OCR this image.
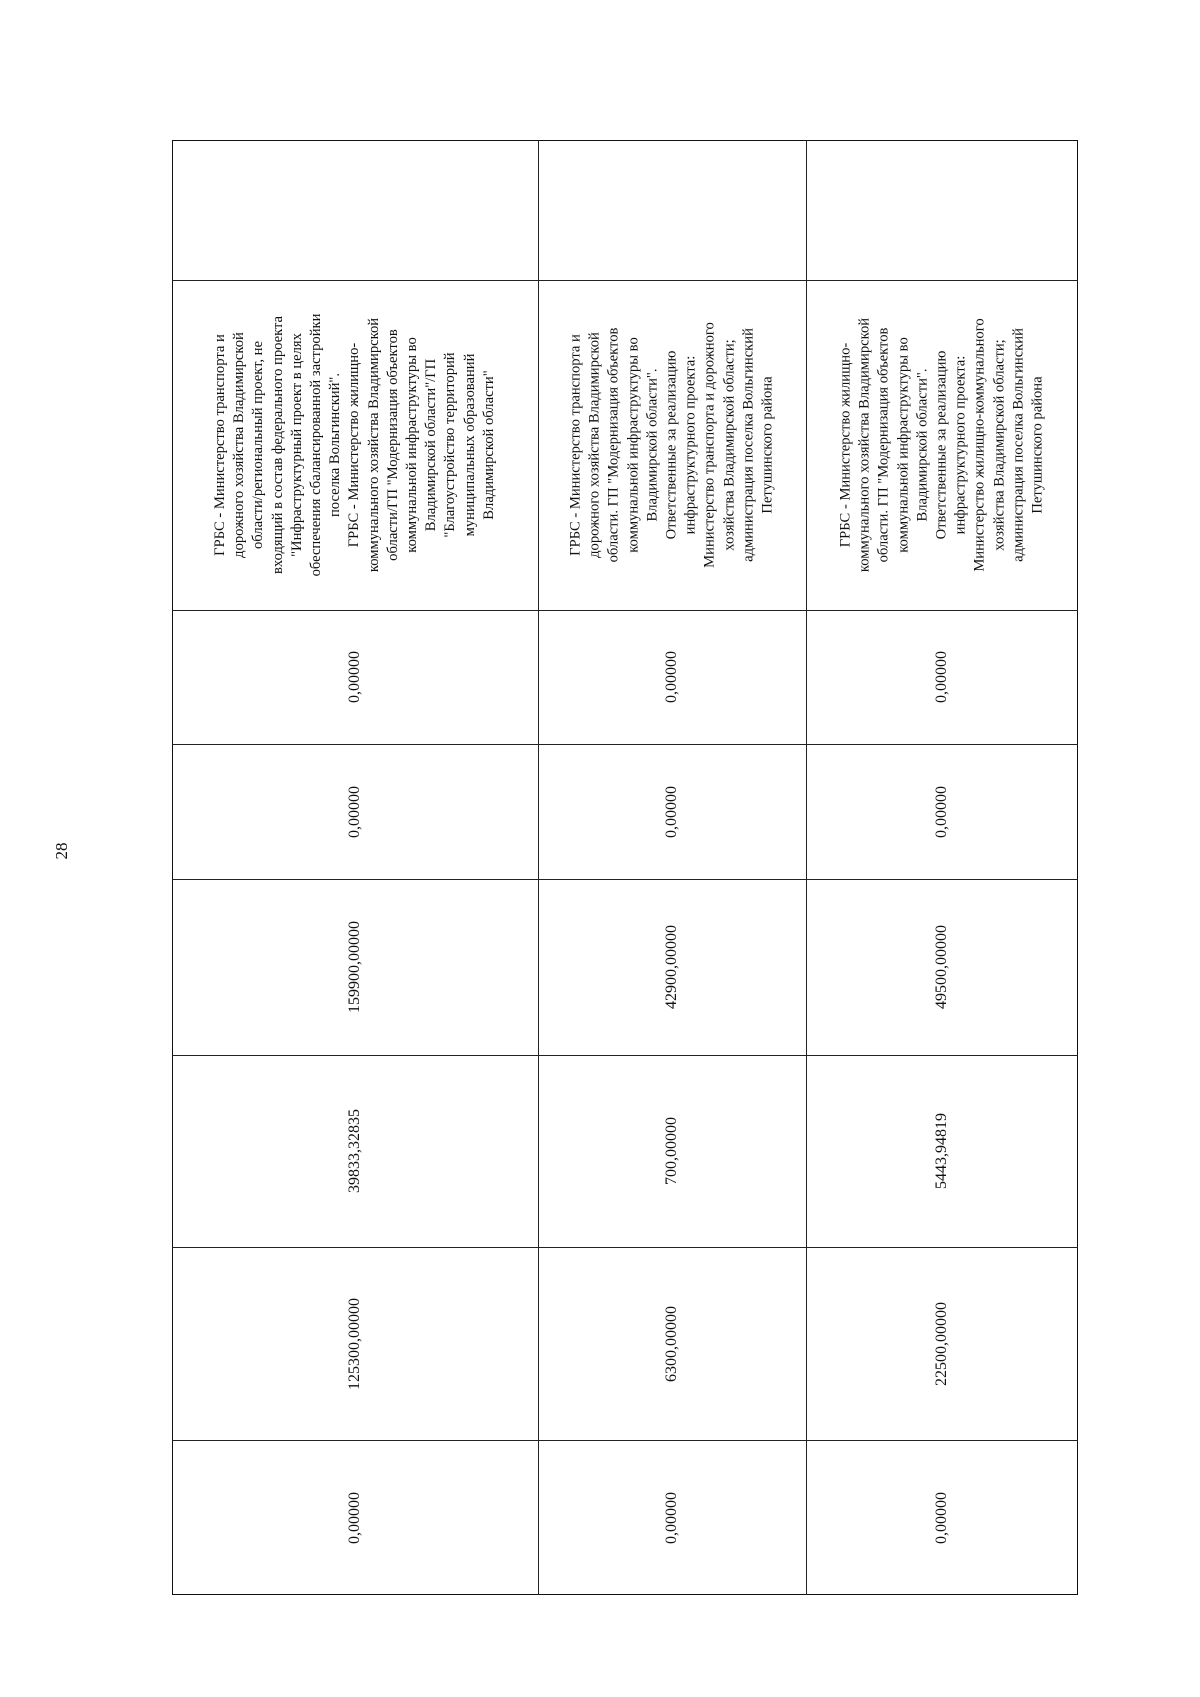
28
ГРБС - Министерство транспорта и
дорожного хозяйства Владимирской
области/региональный проект, не
входящий в состав федерального проекта
"Инфраструктурный проект в целях
обеспечения сбалансированной застройки
поселка Вольгинский".
ГРБС - Министерство жилищно-
коммунального хозяйства Владимирской
области/ГП "Модернизация объектов
коммунальной инфраструктуры во
Владимирской области"/ГП
"Благоустройство территорий
муниципальных образований
Владимирской области"
0,00000
0,00000
159900,00000
39833,32835
125300,00000
0,00000
ГРБС - Министерство транспорта и
дорожного хозяйства Владимирской
области. ГП "Модернизация объектов
коммунальной инфраструктуры во
Владимирской области".
Ответственные за реализацию
инфраструктурного проекта:
Министерство транспорта и дорожного
хозяйства Владимирской области;
администрация поселка Вольгинский
Петушинского района
0,00000
0,00000
42900,00000
700,00000
6300,00000
0,00000
ГРБС - Министерство жилищно-
коммунального хозяйства Владимирской
области. ГП "Модернизация объектов
коммунальной инфраструктуры во
Владимирской области".
Ответственные за реализацию
инфраструктурного проекта:
Министерство жилищно-коммунального
хозяйства Владимирской области;
администрация поселка Вольгинский
Петушинского района
0,00000
0,00000
49500,00000
5443,94819
22500,00000
0,00000
